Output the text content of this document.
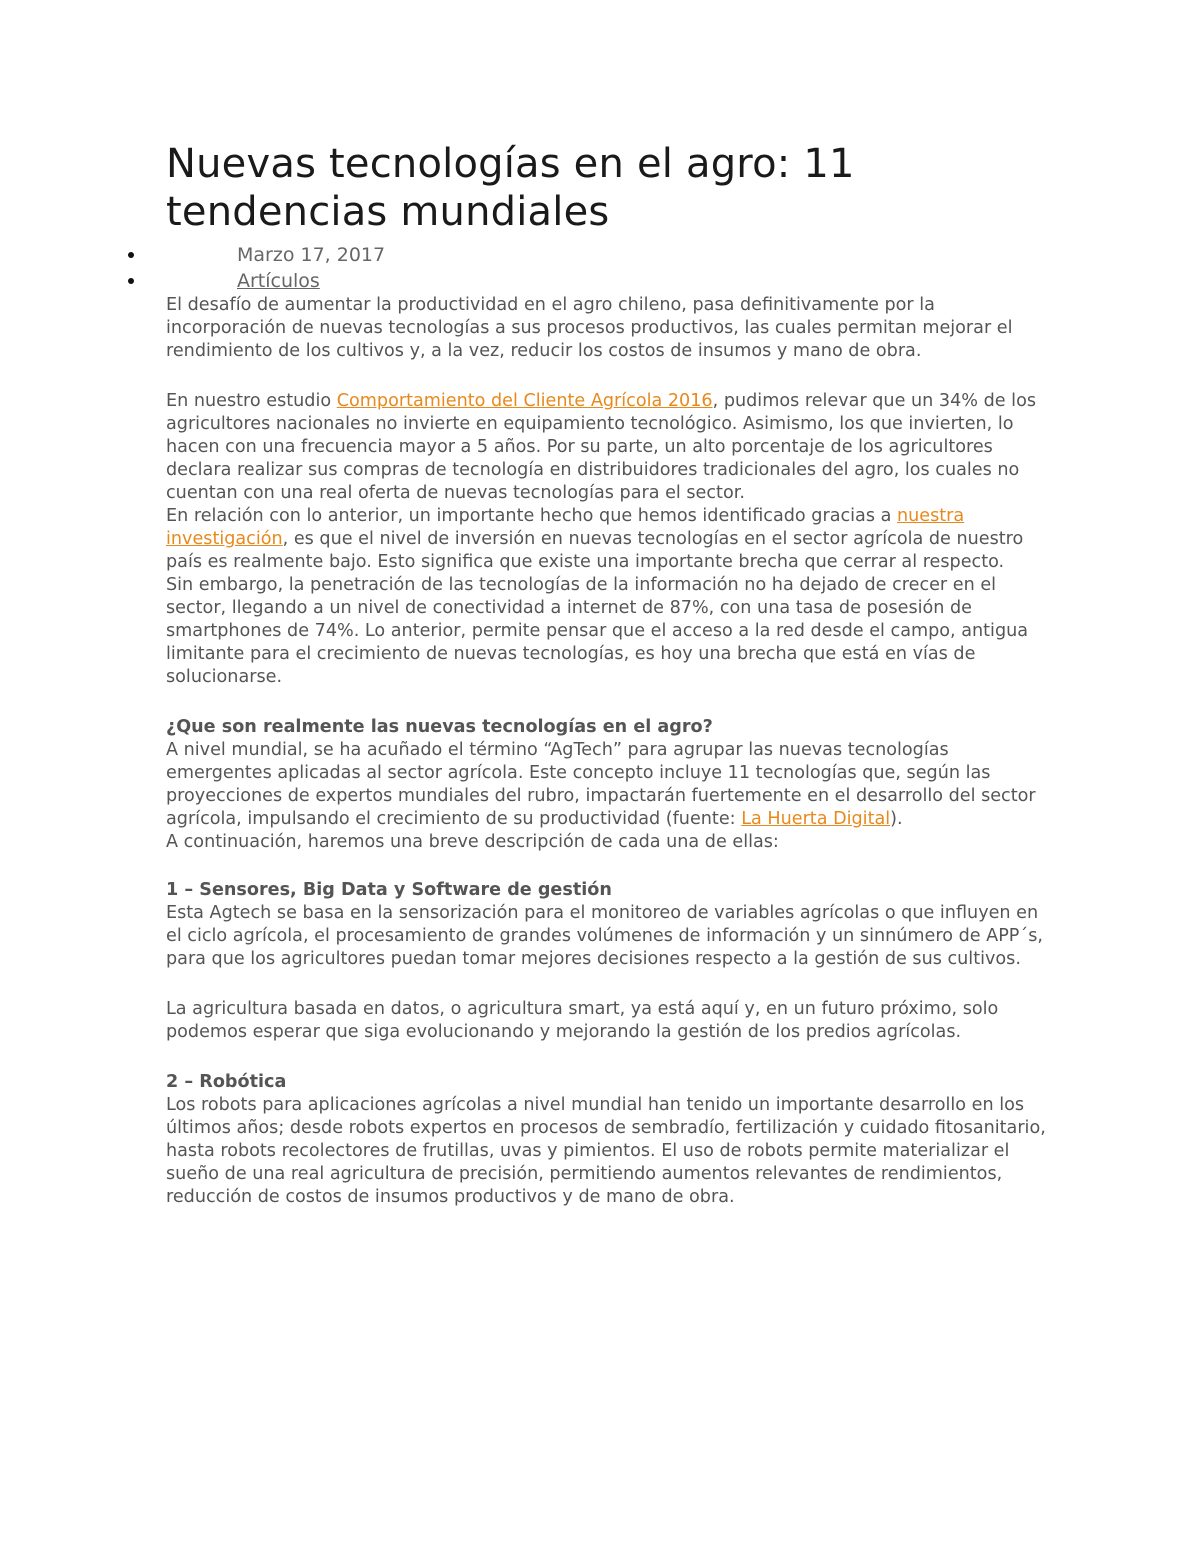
Nuevas tecnologías en el agro: 11 tendencias mundiales
Marzo 17, 2017
Artículos

El desafío de aumentar la productividad en el agro chileno, pasa definitivamente por la incorporación de nuevas tecnologías a sus procesos productivos, las cuales permitan mejorar el rendimiento de los cultivos y, a la vez, reducir los costos de insumos y mano de obra.

En nuestro estudio Comportamiento del Cliente Agrícola 2016, pudimos relevar que un 34% de los agricultores nacionales no invierte en equipamiento tecnológico. Asimismo, los que invierten, lo hacen con una frecuencia mayor a 5 años. Por su parte, un alto porcentaje de los agricultores declara realizar sus compras de tecnología en distribuidores tradicionales del agro, los cuales no cuentan con una real oferta de nuevas tecnologías para el sector.

En relación con lo anterior, un importante hecho que hemos identificado gracias a nuestra investigación, es que el nivel de inversión en nuevas tecnologías en el sector agrícola de nuestro país es realmente bajo. Esto significa que existe una importante brecha que cerrar al respecto.

Sin embargo, la penetración de las tecnologías de la información no ha dejado de crecer en el sector, llegando a un nivel de conectividad a internet de 87%, con una tasa de posesión de smartphones de 74%. Lo anterior, permite pensar que el acceso a la red desde el campo, antigua limitante para el crecimiento de nuevas tecnologías, es hoy una brecha que está en vías de solucionarse.

¿Que son realmente las nuevas tecnologías en el agro?

A nivel mundial, se ha acuñado el término “AgTech” para agrupar las nuevas tecnologías emergentes aplicadas al sector agrícola. Este concepto incluye 11 tecnologías que, según las proyecciones de expertos mundiales del rubro, impactarán fuertemente en el desarrollo del sector agrícola, impulsando el crecimiento de su productividad (fuente: La Huerta Digital).

A continuación, haremos una breve descripción de cada una de ellas:

1 – Sensores, Big Data y Software de gestión

Esta Agtech se basa en la sensorización para el monitoreo de variables agrícolas o que influyen en el ciclo agrícola, el procesamiento de grandes volúmenes de información y un sinnúmero de APP´s, para que los agricultores puedan tomar mejores decisiones respecto a la gestión de sus cultivos.

La agricultura basada en datos, o agricultura smart, ya está aquí y, en un futuro próximo, solo podemos esperar que siga evolucionando y mejorando la gestión de los predios agrícolas.

2 – Robótica

Los robots para aplicaciones agrícolas a nivel mundial han tenido un importante desarrollo en los últimos años; desde robots expertos en procesos de sembradío, fertilización y cuidado fitosanitario, hasta robots recolectores de frutillas, uvas y pimientos. El uso de robots permite materializar el sueño de una real agricultura de precisión, permitiendo aumentos relevantes de rendimientos, reducción de costos de insumos productivos y de mano de obra.
